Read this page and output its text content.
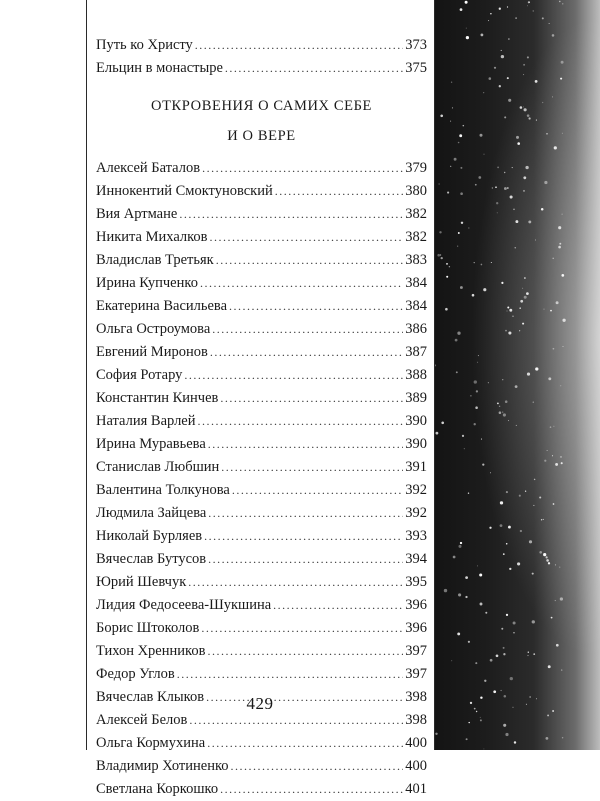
Путь ко Христу .....	373
Ельцин в монастыре .....	375

ОТКРОВЕНИЯ О САМИХ СЕБЕ

И О ВЕРЕ

Алексей Баталов .....	379
Иннокентий Смоктуновский .....	380
Вия Артмане .....	382
Никита Михалков .....	382
Владислав Третьяк .....	383
Ирина Купченко .....	384
Екатерина Васильева .....	384
Ольга Остроумова .....	386
Евгений Миронов .....	387
София Ротару .....	388
Константин Кинчев .....	389
Наталия Варлей .....	390
Ирина Муравьева .....	390
Станислав Любшин .....	391
Валентина Толкунова .....	392
Людмила Зайцева .....	392
Николай Бурляев .....	393
Вячеслав Бутусов .....	394
Юрий Шевчук .....	395
Лидия Федосеева-Шукшина .....	396
Борис Штоколов .....	396
Тихон Хренников .....	397
Федор Углов .....	397
Вячеслав Клыков .....	398
Алексей Белов .....	398
Ольга Кормухина .....	400
Владимир Хотиненко .....	400
Светлана Коркошко .....	401
429
